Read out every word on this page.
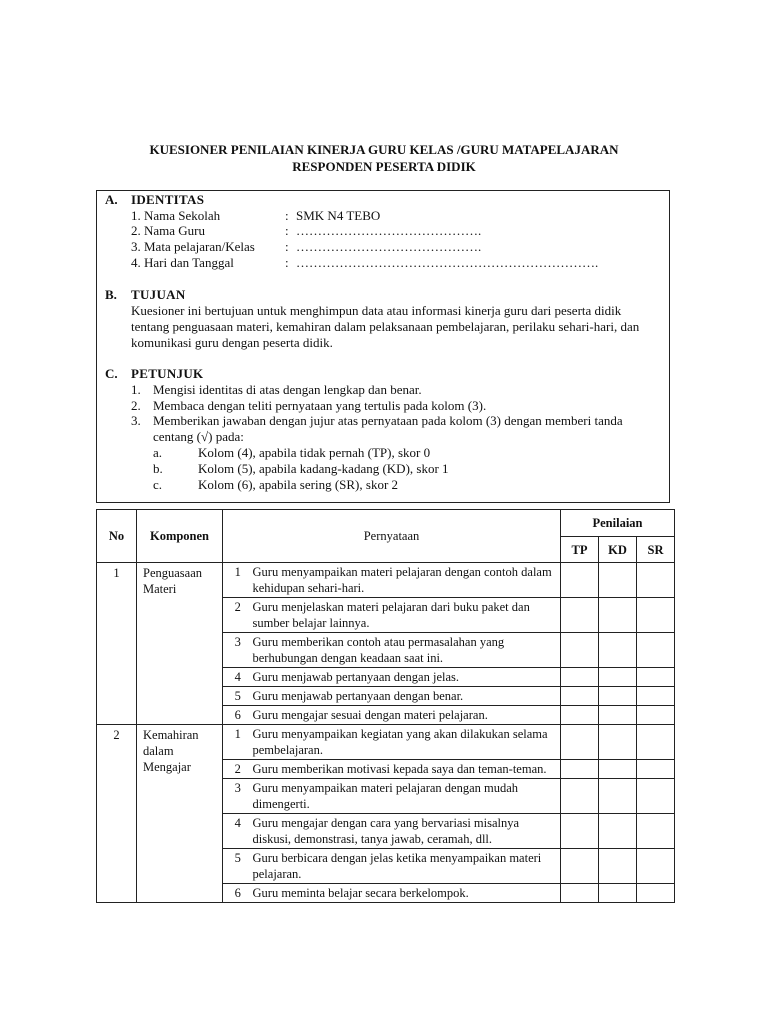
KUESIONER PENILAIAN KINERJA GURU KELAS /GURU MATAPELAJARAN
RESPONDEN PESERTA DIDIK
A. IDENTITAS
1. Nama Sekolah	: SMK N4 TEBO
2. Nama Guru	: …………………………………….
3. Mata pelajaran/Kelas : …………………………………….
4. Hari dan Tanggal	: …………………………………………………………….
B. TUJUAN
Kuesioner ini bertujuan untuk menghimpun data atau informasi kinerja guru dari peserta didik tentang penguasaan materi, kemahiran dalam pelaksanaan pembelajaran, perilaku sehari-hari, dan komunikasi guru dengan peserta didik.
C. PETUNJUK
1. Mengisi identitas di atas dengan lengkap dan benar.
2. Membaca dengan teliti pernyataan yang tertulis pada kolom (3).
3. Memberikan jawaban dengan jujur atas pernyataan pada kolom (3) dengan memberi tanda
centang (√) pada:
a.	Kolom (4), apabila tidak pernah (TP), skor 0
b.	Kolom (5), apabila kadang-kadang (KD), skor 1
c.	Kolom (6), apabila sering (SR), skor 2
No	Komponen	Pernyataan		Penilaian		
				TP	KD	SR
1	Penguasaan Materi	1	Guru menyampaikan materi pelajaran dengan contoh dalam kehidupan sehari-hari.			
		2	Guru menjelaskan materi pelajaran dari buku paket dan sumber belajar lainnya.			
		3	Guru memberikan contoh atau permasalahan yang berhubungan dengan keadaan saat ini.			
		4	Guru menjawab pertanyaan dengan jelas.			
		5	Guru menjawab pertanyaan dengan benar.			
		6	Guru mengajar sesuai dengan materi pelajaran.			
2	Kemahiran dalam Mengajar	1	Guru menyampaikan kegiatan yang akan dilakukan selama pembelajaran.			
		2	Guru memberikan motivasi kepada saya dan teman-teman.			
		3	Guru menyampaikan materi pelajaran dengan mudah dimengerti.			
		4	Guru mengajar dengan cara yang bervariasi misalnya diskusi, demonstrasi, tanya jawab, ceramah, dll.			
		5	Guru berbicara dengan jelas ketika menyampaikan materi pelajaran.			
		6	Guru meminta belajar secara berkelompok.			
